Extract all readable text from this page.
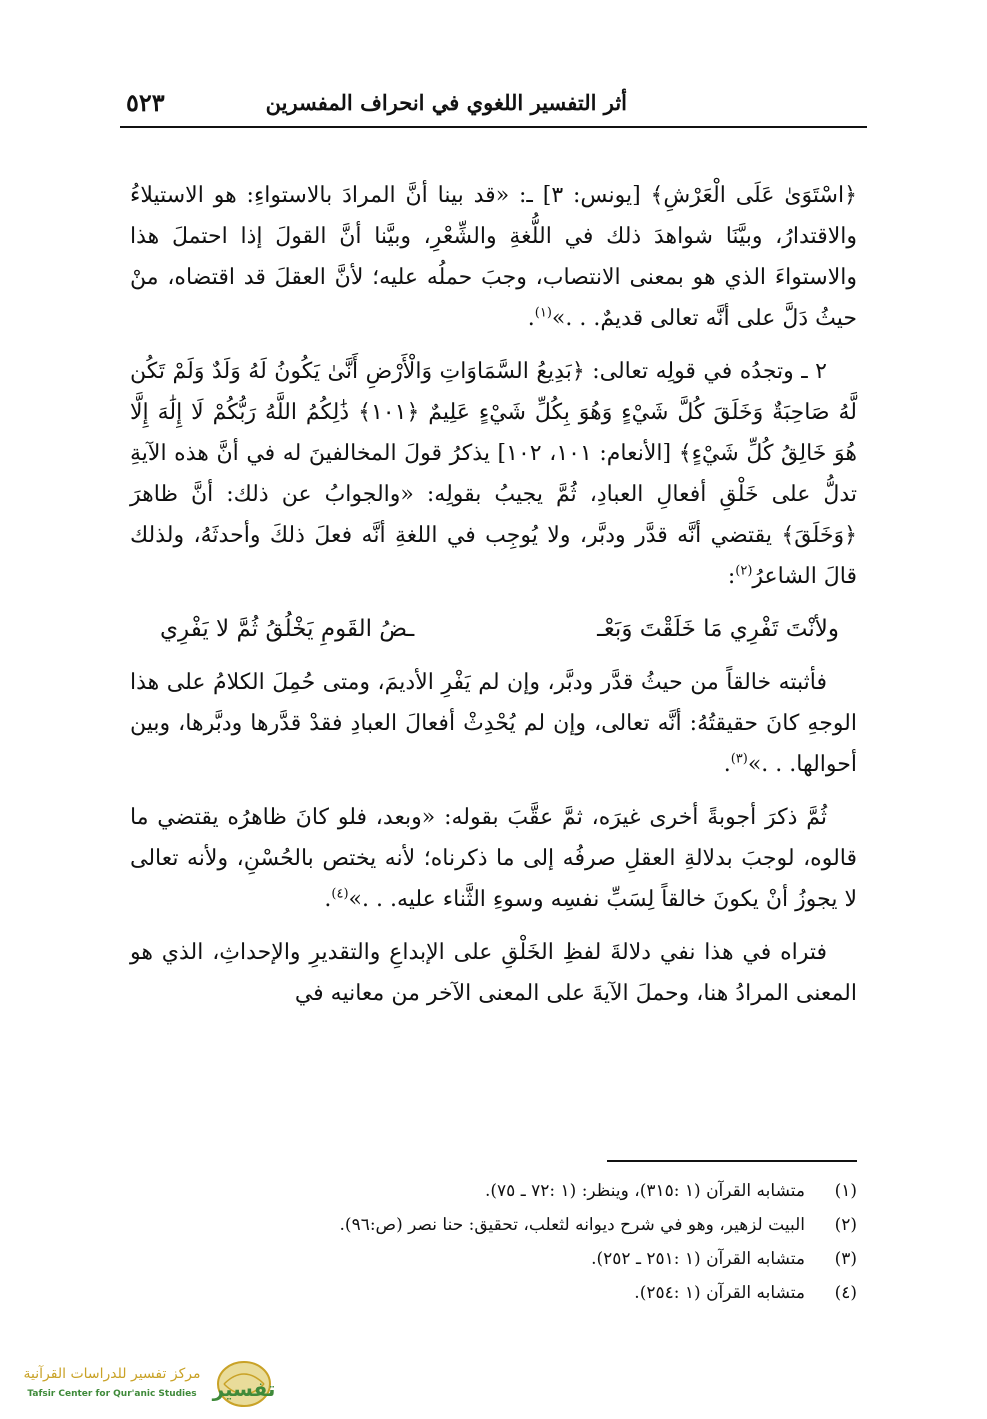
أثر التفسير اللغوي في انحراف المفسرين
٥٢٣

﴿اسْتَوَىٰ عَلَى الْعَرْشِ﴾ [يونس: ٣] ـ: «قد بينا أنَّ المرادَ بالاستواءِ: هو الاستيلاءُ والاقتدارُ، وبيَّنَا شواهدَ ذلك في اللُّغةِ والشِّعْرِ، وبيَّنا أنَّ القولَ إذا احتملَ هذا والاستواءَ الذي هو بمعنى الانتصاب، وجبَ حملُه عليه؛ لأنَّ العقلَ قد اقتضاه، منْ حيثُ دَلَّ على أنَّه تعالى قديمٌ. . .»$^{(١)}$.

٢ ـ وتجدُه في قولِه تعالى: ﴿بَدِيعُ السَّمَاوَاتِ وَالْأَرْضِ أَنَّىٰ يَكُونُ لَهُ وَلَدٌ وَلَمْ تَكُن لَّهُ صَاحِبَةٌ وَخَلَقَ كُلَّ شَيْءٍ وَهُوَ بِكُلِّ شَيْءٍ عَلِيمٌ ﴿١٠١﴾ ذَٰلِكُمُ اللَّهُ رَبُّكُمْ لَا إِلَٰهَ إِلَّا هُوَ خَالِقُ كُلِّ شَيْءٍ﴾ [الأنعام: ١٠١، ١٠٢] يذكرُ قولَ المخالفينَ له في أنَّ هذه الآيةِ تدلُّ على خَلْقِ أفعالِ العبادِ، ثُمَّ يجيبُ بقولِه: «والجوابُ عن ذلك: أنَّ ظاهرَ ﴿وَخَلَقَ﴾ يقتضي أنَّه قدَّر ودبَّر، ولا يُوجِب في اللغةِ أنَّه فعلَ ذلكَ وأحدثَهُ، ولذلك قالَ الشاعرُ$^{(٢)}$:

ولأنْتَ تَفْرِي مَا خَلَقْتَ وَبَعْـ
ـضُ القَومِ يَخْلُقُ ثُمَّ لا يَفْرِي

فأثبته خالقاً من حيثُ قدَّر ودبَّر، وإن لم يَفْرِ الأديمَ، ومتى حُمِلَ الكلامُ على هذا الوجهِ كانَ حقيقتُهُ: أنَّه تعالى، وإن لم يُحْدِثْ أفعالَ العبادِ فقدْ قدَّرها ودبَّرها، وبين أحوالها. . .»$^{(٣)}$.

ثُمَّ ذكرَ أجوبةً أخرى غيرَه، ثمَّ عقَّبَ بقوله: «وبعد، فلو كانَ ظاهرُه يقتضي ما قالوه، لوجبَ بدلالةِ العقلِ صرفُه إلى ما ذكرناه؛ لأنه يختص بالحُسْنِ، ولأنه تعالى لا يجوزُ أنْ يكونَ خالقاً لِسَبِّ نفسِه وسوءِ الثَّناء عليه. . .»$^{(٤)}$.

فتراه في هذا نفي دلالةَ لفظِ الخَلْقِ على الإبداعِ والتقديرِ والإحداثِ، الذي هو المعنى المرادُ هنا، وحملَ الآيةَ على المعنى الآخر من معانيه في

(١)
متشابه القرآن (١ :٣١٥)، وينظر: (١ :٧٢ ـ ٧٥).
(٢)
البيت لزهير، وهو في شرح ديوانه لثعلب، تحقيق: حنا نصر (ص:٩٦).
(٣)
متشابه القرآن (١ :٢٥١ ـ ٢٥٢).
(٤)
متشابه القرآن (١ :٢٥٤).
تفسير
مركز تفسير للدراسات القرآنية
Tafsir Center for Qur'anic Studies
